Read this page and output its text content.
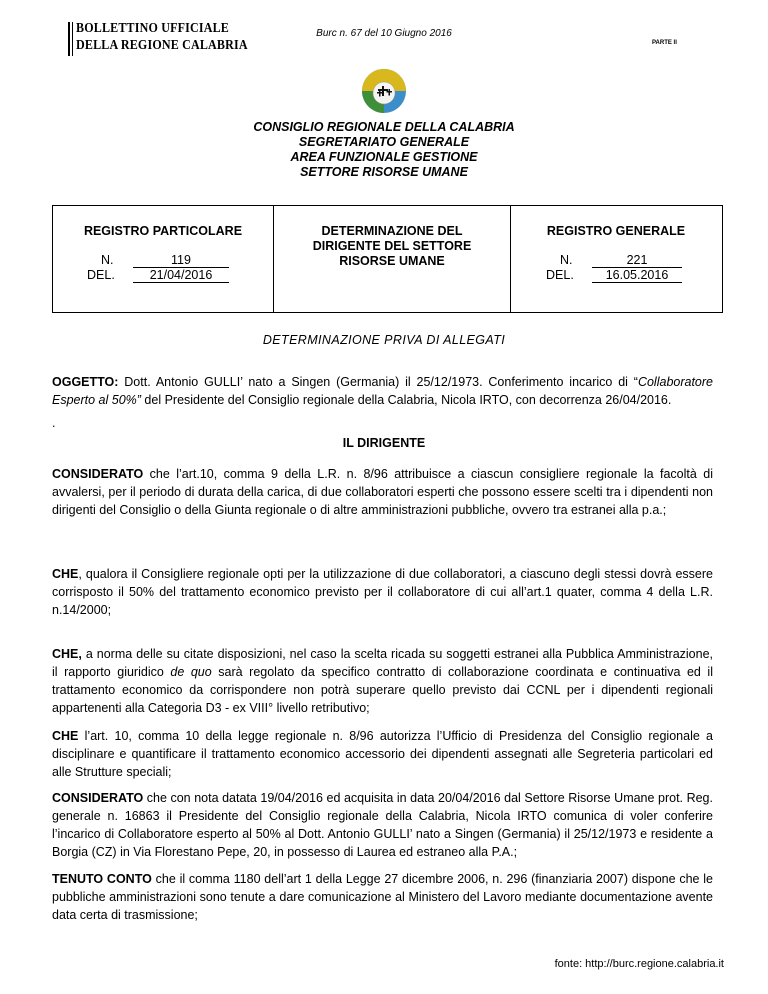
BOLLETTINO UFFICIALE
DELLA REGIONE CALABRIA
Burc n. 67 del 10 Giugno 2016
PARTE II
CONSIGLIO REGIONALE DELLA CALABRIA
SEGRETARIATO GENERALE
AREA FUNZIONALE GESTIONE
SETTORE RISORSE UMANE
REGISTRO PARTICOLARE
N.	119
DEL.	21/04/2016
DETERMINAZIONE DEL
DIRIGENTE DEL SETTORE
RISORSE UMANE
REGISTRO GENERALE
N.	221
DEL.	16.05.2016
DETERMINAZIONE PRIVA DI ALLEGATI
OGGETTO: Dott. Antonio GULLI’ nato a Singen (Germania) il 25/12/1973. Conferimento incarico di “Collaboratore Esperto al 50%” del Presidente del Consiglio regionale della Calabria, Nicola IRTO, con decorrenza 26/04/2016.
.
IL DIRIGENTE
CONSIDERATO che l’art.10, comma 9 della L.R. n. 8/96 attribuisce a ciascun consigliere regionale la facoltà di avvalersi, per il periodo di durata della carica, di due collaboratori esperti che possono essere scelti tra i dipendenti non dirigenti del Consiglio o della Giunta regionale o di altre amministrazioni pubbliche, ovvero tra estranei alla p.a.;
CHE, qualora il Consigliere regionale opti per la utilizzazione di due collaboratori, a ciascuno degli stessi dovrà essere corrisposto il 50% del trattamento economico previsto per il collaboratore di cui all’art.1 quater, comma 4 della L.R. n.14/2000;
CHE, a norma delle su citate disposizioni, nel caso la scelta ricada su soggetti estranei alla Pubblica Amministrazione, il rapporto giuridico de quo sarà regolato da specifico contratto di collaborazione coordinata e continuativa ed il trattamento economico da corrispondere non potrà superare quello previsto dai CCNL per i dipendenti regionali appartenenti alla Categoria D3 - ex VIII° livello retributivo;
CHE l’art. 10, comma 10 della legge regionale n. 8/96 autorizza l’Ufficio di Presidenza del Consiglio regionale a disciplinare e quantificare il trattamento economico accessorio dei dipendenti assegnati alle Segreteria particolari ed alle Strutture speciali;
CONSIDERATO che con nota datata 19/04/2016 ed acquisita in data 20/04/2016 dal Settore Risorse Umane prot. Reg. generale n. 16863 il Presidente del Consiglio regionale della Calabria, Nicola IRTO comunica di voler conferire l’incarico di Collaboratore esperto al 50% al Dott. Antonio GULLI’ nato a Singen (Germania) il 25/12/1973 e residente a Borgia (CZ) in Via Florestano Pepe, 20, in possesso di Laurea ed estraneo alla P.A.;
TENUTO CONTO che il comma 1180 dell’art 1 della Legge 27 dicembre 2006, n. 296 (finanziaria 2007) dispone che le pubbliche amministrazioni sono tenute a dare comunicazione al Ministero del Lavoro mediante documentazione avente data certa di trasmissione;
fonte: http://burc.regione.calabria.it
